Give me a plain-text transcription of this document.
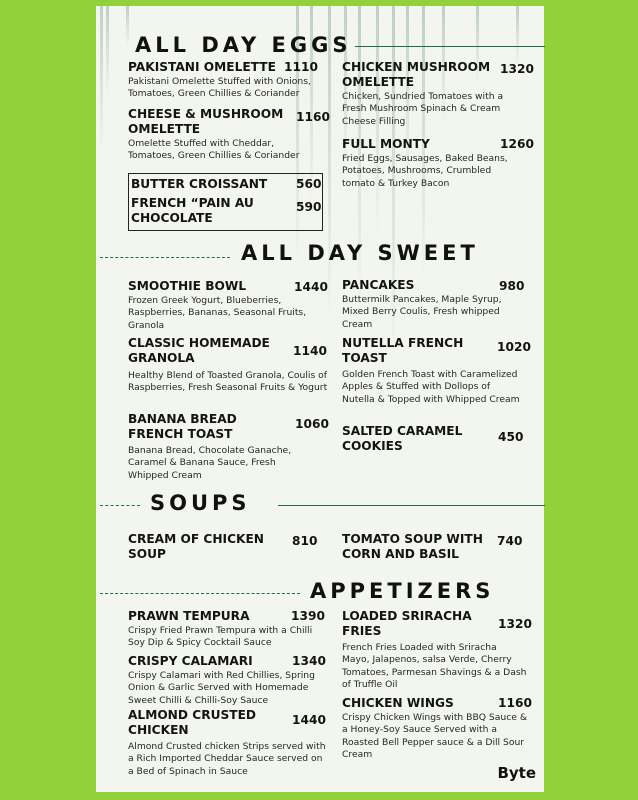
ALL DAY EGGS
PAKISTANI OMELETTE
Pakistani Omelette Stuffed with Onions, Tomatoes, Green Chillies & Coriander
1110
CHEESE & MUSHROOM
OMELETTE
Omelette Stuffed with Cheddar, Tomatoes, Green Chillies & Coriander
1160
BUTTER CROISSANT	560
FRENCH “PAIN AU
CHOCOLATE
590
CHICKEN MUSHROOM
OMELETTE
Chicken, Sundried Tomatoes with a Fresh Mushroom Spinach & Cream Cheese Filling
1320
FULL MONTY
Fried Eggs, Sausages, Baked Beans, Potatoes, Mushrooms, Crumbled tomato & Turkey Bacon
1260
ALL DAY SWEET
SMOOTHIE BOWL
Frozen Greek Yogurt, Blueberries, Raspberries, Bananas, Seasonal Fruits, Granola
1440
CLASSIC HOMEMADE
GRANOLA
Healthy Blend of Toasted Granola, Coulis of Raspberries, Fresh Seasonal Fruits & Yogurt
1140
BANANA BREAD
FRENCH TOAST
Banana Bread, Chocolate Ganache, Caramel & Banana Sauce, Fresh Whipped Cream
1060
PANCAKES
Buttermilk Pancakes, Maple Syrup, Mixed Berry Coulis, Fresh whipped Cream
980
NUTELLA FRENCH
TOAST
Golden French Toast with Caramelized Apples & Stuffed with Dollops of Nutella & Topped with Whipped Cream
1020
SALTED CARAMEL
COOKIES
450
SOUPS
CREAM OF CHICKEN
SOUP
810 TOMATO SOUP WITH
CORN AND BASIL
740
APPETIZERS
PRAWN TEMPURA
Crispy Fried Prawn Tempura with a Chilli Soy Dip & Spicy Cocktail Sauce
1390
CRISPY CALAMARI
Crispy Calamari with Red Chillies, Spring Onion & Garlic Served with Homemade Sweet Chilli & Chilli-Soy Sauce
1340
ALMOND CRUSTED
CHICKEN
Almond Crusted chicken Strips served with a Rich Imported Cheddar Sauce served on a Bed of Spinach in Sauce
1440
LOADED SRIRACHA
FRIES
French Fries Loaded with Sriracha Mayo, Jalapenos, salsa Verde, Cherry Tomatoes, Parmesan Shavings & a Dash of Truffle Oil
1320
CHICKEN WINGS
Crispy Chicken Wings with BBQ Sauce & a Honey-Soy Sauce Served with a Roasted Bell Pepper sauce & a Dill Sour Cream
1160
Byte
